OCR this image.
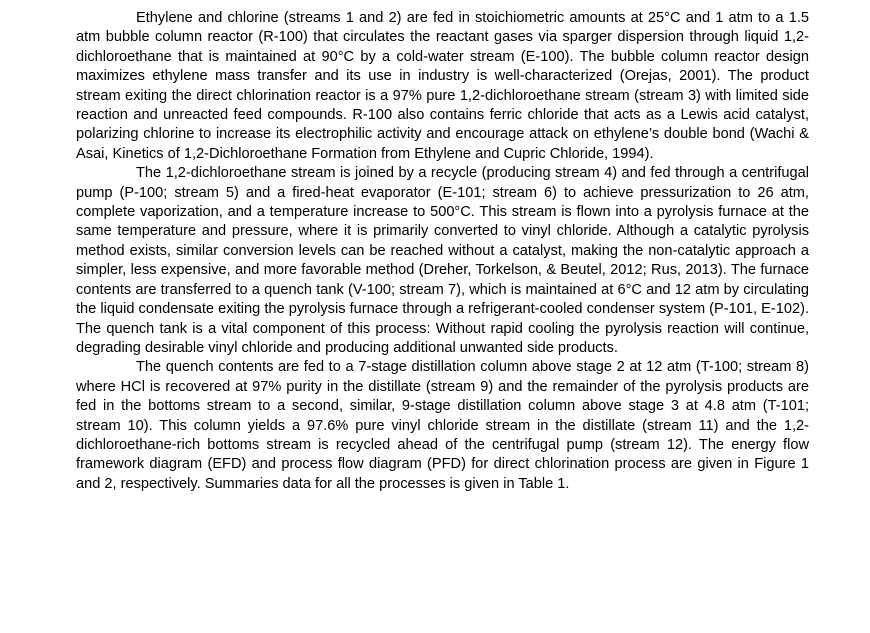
Ethylene and chlorine (streams 1 and 2) are fed in stoichiometric amounts at 25°C and 1 atm to a 1.5 atm bubble column reactor (R-100) that circulates the reactant gases via sparger dispersion through liquid 1,2-dichloroethane that is maintained at 90°C by a cold-water stream (E-100). The bubble column reactor design maximizes ethylene mass transfer and its use in industry is well-characterized (Orejas, 2001). The product stream exiting the direct chlorination reactor is a 97% pure 1,2-dichloroethane stream (stream 3) with limited side reaction and unreacted feed compounds. R-100 also contains ferric chloride that acts as a Lewis acid catalyst, polarizing chlorine to increase its electrophilic activity and encourage attack on ethylene’s double bond (Wachi & Asai, Kinetics of 1,2-Dichloroethane Formation from Ethylene and Cupric Chloride, 1994).

The 1,2-dichloroethane stream is joined by a recycle (producing stream 4) and fed through a centrifugal pump (P-100; stream 5) and a fired-heat evaporator (E-101; stream 6) to achieve pressurization to 26 atm, complete vaporization, and a temperature increase to 500°C. This stream is flown into a pyrolysis furnace at the same temperature and pressure, where it is primarily converted to vinyl chloride. Although a catalytic pyrolysis method exists, similar conversion levels can be reached without a catalyst, making the non-catalytic approach a simpler, less expensive, and more favorable method (Dreher, Torkelson, & Beutel, 2012; Rus, 2013). The furnace contents are transferred to a quench tank (V-100; stream 7), which is maintained at 6°C and 12 atm by circulating the liquid condensate exiting the pyrolysis furnace through a refrigerant-cooled condenser system (P-101, E-102). The quench tank is a vital component of this process: Without rapid cooling the pyrolysis reaction will continue, degrading desirable vinyl chloride and producing additional unwanted side products.

The quench contents are fed to a 7-stage distillation column above stage 2 at 12 atm (T-100; stream 8) where HCl is recovered at 97% purity in the distillate (stream 9) and the remainder of the pyrolysis products are fed in the bottoms stream to a second, similar, 9-stage distillation column above stage 3 at 4.8 atm (T-101; stream 10). This column yields a 97.6% pure vinyl chloride stream in the distillate (stream 11) and the 1,2-dichloroethane-rich bottoms stream is recycled ahead of the centrifugal pump (stream 12). The energy flow framework diagram (EFD) and process flow diagram (PFD) for direct chlorination process are given in Figure 1 and 2, respectively. Summaries data for all the processes is given in Table 1.
